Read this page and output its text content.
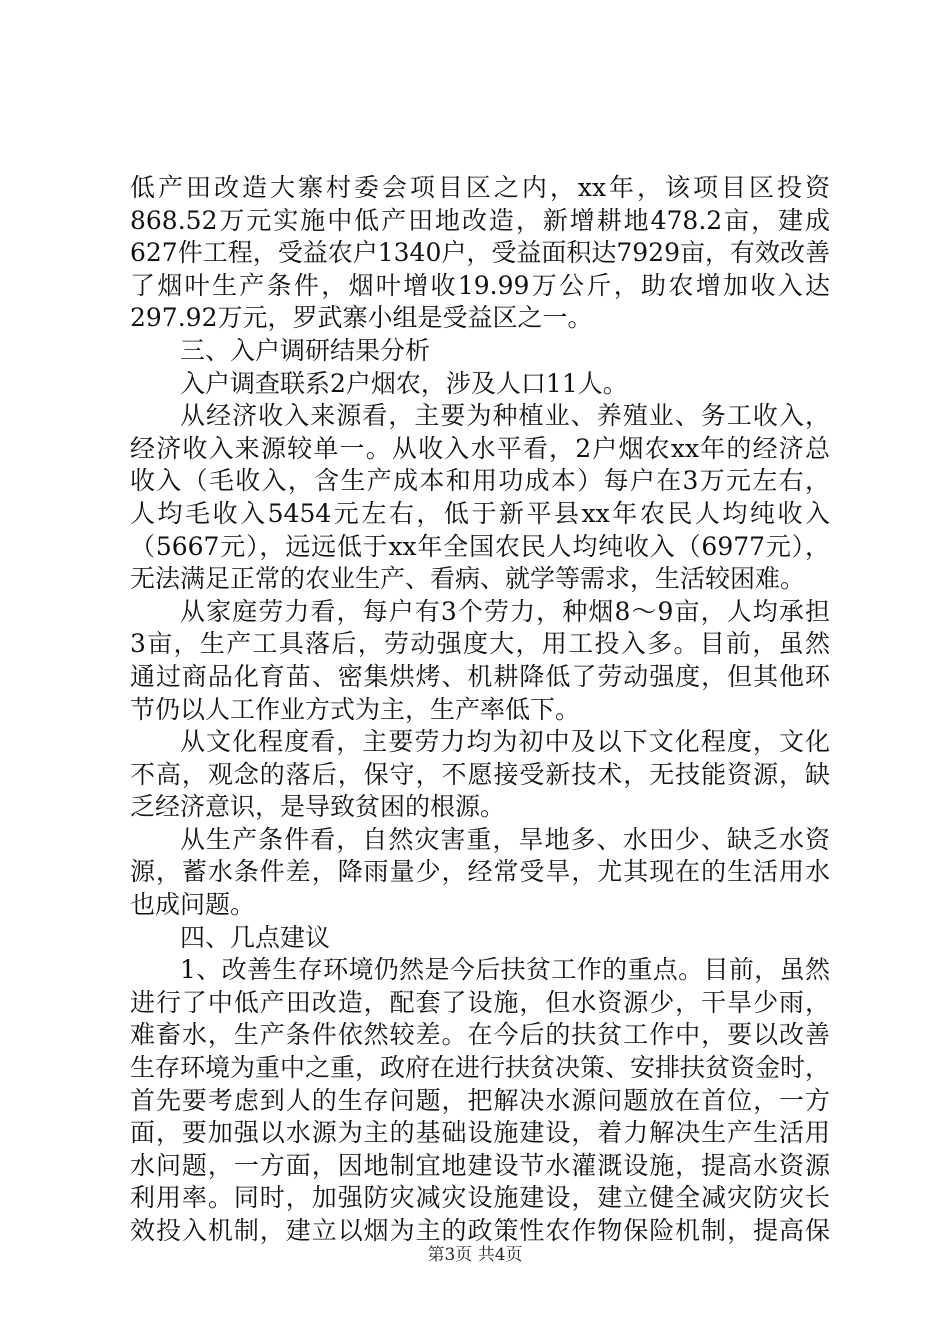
低产田改造大寨村委会项目区之内，xx年，该项目区投资
868.52万元实施中低产田地改造，新增耕地478.2亩，建成
627件工程，受益农户1340户，受益面积达7929亩，有效改善
了烟叶生产条件，烟叶增收19.99万公斤，助农增加收入达
297.92万元，罗武寨小组是受益区之一。
三、入户调研结果分析
入户调查联系2户烟农，涉及人口11人。
从经济收入来源看，主要为种植业、养殖业、务工收入，
经济收入来源较单一。从收入水平看，2户烟农xx年的经济总
收入（毛收入，含生产成本和用功成本）每户在3万元左右，
人均毛收入5454元左右，低于新平县xx年农民人均纯收入
（5667元），远远低于xx年全国农民人均纯收入（6977元），
无法满足正常的农业生产、看病、就学等需求，生活较困难。
从家庭劳力看，每户有3个劳力，种烟8～9亩，人均承担
3亩，生产工具落后，劳动强度大，用工投入多。目前，虽然
通过商品化育苗、密集烘烤、机耕降低了劳动强度，但其他环
节仍以人工作业方式为主，生产率低下。
从文化程度看，主要劳力均为初中及以下文化程度，文化
不高，观念的落后，保守，不愿接受新技术，无技能资源，缺
乏经济意识，是导致贫困的根源。
从生产条件看，自然灾害重，旱地多、水田少、缺乏水资
源，蓄水条件差，降雨量少，经常受旱，尤其现在的生活用水
也成问题。
四、几点建议
1、改善生存环境仍然是今后扶贫工作的重点。目前，虽然
进行了中低产田改造，配套了设施，但水资源少，干旱少雨，
难畜水，生产条件依然较差。在今后的扶贫工作中，要以改善
生存环境为重中之重，政府在进行扶贫决策、安排扶贫资金时，
首先要考虑到人的生存问题，把解决水源问题放在首位，一方
面，要加强以水源为主的基础设施建设，着力解决生产生活用
水问题，一方面，因地制宜地建设节水灌溉设施，提高水资源
利用率。同时，加强防灾减灾设施建设，建立健全减灾防灾长
效投入机制，建立以烟为主的政策性农作物保险机制，提高保
第3页 共4页
